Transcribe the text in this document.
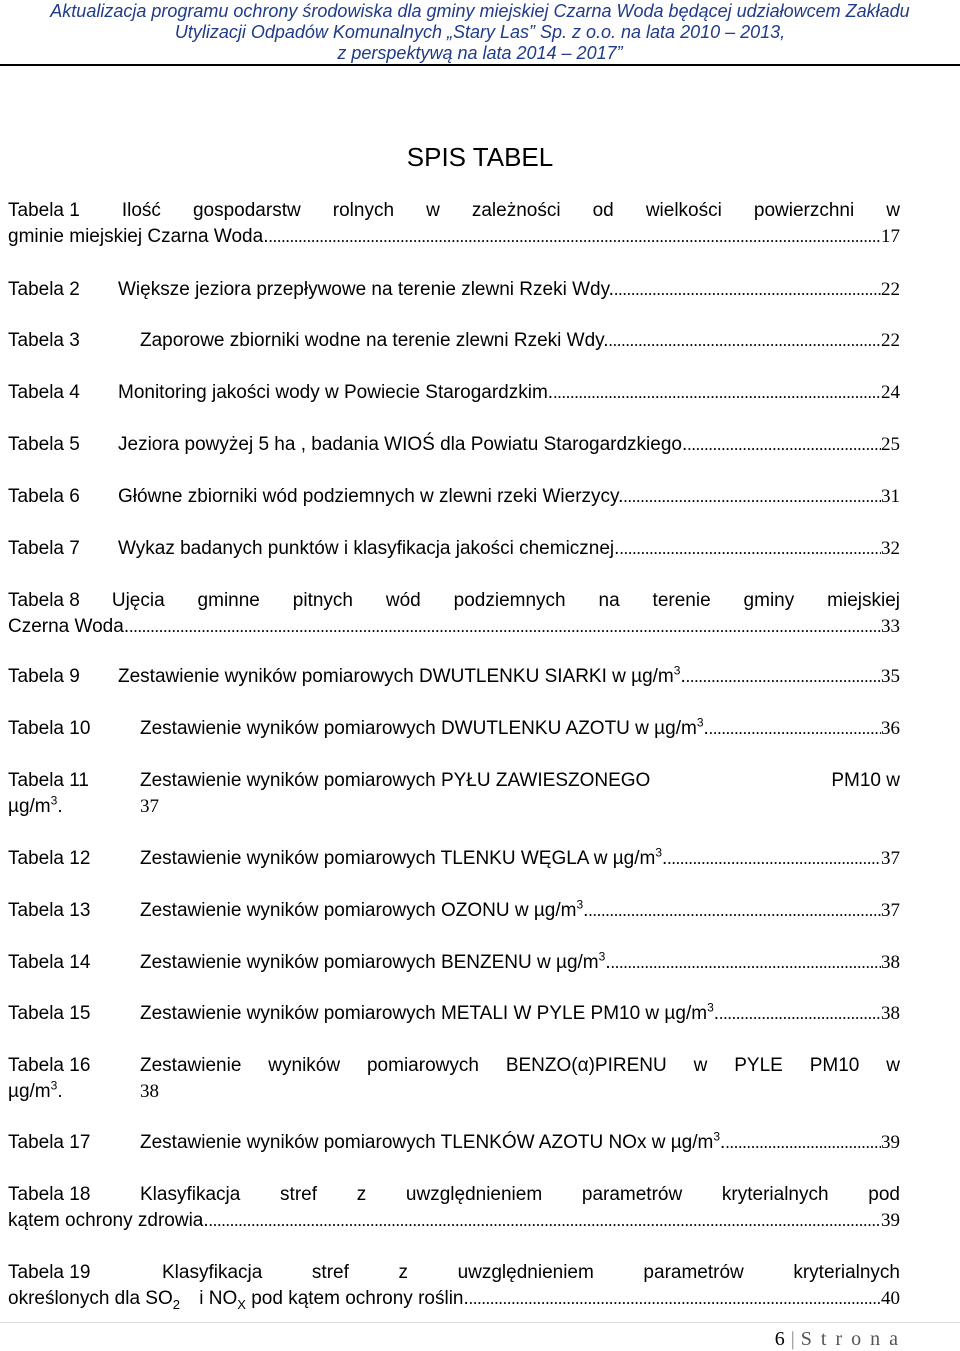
Aktualizacja programu ochrony środowiska dla gminy miejskiej Czarna Woda będącej udziałowcem Zakładu
Utylizacji Odpadów Komunalnych „Stary Las” Sp. z o.o. na lata 2010 – 2013,
z perspektywą na lata 2014 – 2017”
SPIS TABEL
Tabela 1 Ilość gospodarstw rolnych w zależności od wielkości powierzchni w
gminie miejskiej Czarna Woda. .....	17
Tabela 2	Większe jeziora przepływowe na terenie zlewni Rzeki Wdy. .....	22
Tabela 3	Zaporowe zbiorniki wodne na terenie zlewni Rzeki Wdy. .....	22
Tabela 4	Monitoring jakości wody w Powiecie Starogardzkim. .....	24
Tabela 5	Jeziora powyżej 5 ha , badania WIOŚ dla Powiatu Starogardzkiego. .....	25
Tabela 6	Główne zbiorniki wód podziemnych w zlewni rzeki Wierzycy. .....	31
Tabela 7	Wykaz badanych punktów i klasyfikacja jakości chemicznej. .....	32
Tabela 8 Ujęcia gminne pitnych wód podziemnych na terenie gminy miejskiej
Czerna Woda. .....	33
Tabela 9	Zestawienie wyników pomiarowych DWUTLENKU SIARKI w $\mu g/m^3$. .....	35
Tabela 10	Zestawienie wyników pomiarowych DWUTLENKU AZOTU w $\mu g/m^3$. .....	36
Tabela 11	Zestawienie wyników pomiarowych PYŁU ZAWIESZONEGO	PM10 w
$\mu g/m^3$.	37
Tabela 12	Zestawienie wyników pomiarowych TLENKU WĘGLA w $\mu g/m^3$. .....	37
Tabela 13	Zestawienie wyników pomiarowych OZONU w $\mu g/m^3$. .....	37
Tabela 14	Zestawienie wyników pomiarowych BENZENU w $\mu g/m^3$. .....	38
Tabela 15	Zestawienie wyników pomiarowych METALI W PYLE PM10 w $\mu g/m^3$. .....	38
Tabela 16	Zestawienie wyników pomiarowych BENZO(α)PIRENU w PYLE PM10 w
$\mu g/m^3$.	38
Tabela 17	Zestawienie wyników pomiarowych TLENKÓW AZOTU NOx w $\mu g/m^3$. .....	39
Tabela 18	Klasyfikacja stref z uwzględnieniem parametrów kryterialnych pod
kątem ochrony zdrowia. .....	39
Tabela 19	Klasyfikacja stref z uwzględnieniem parametrów kryterialnych
określonych dla $SO_2$ i $NO_X$ pod kątem ochrony roślin. .....	40
6 | S t r o n a
